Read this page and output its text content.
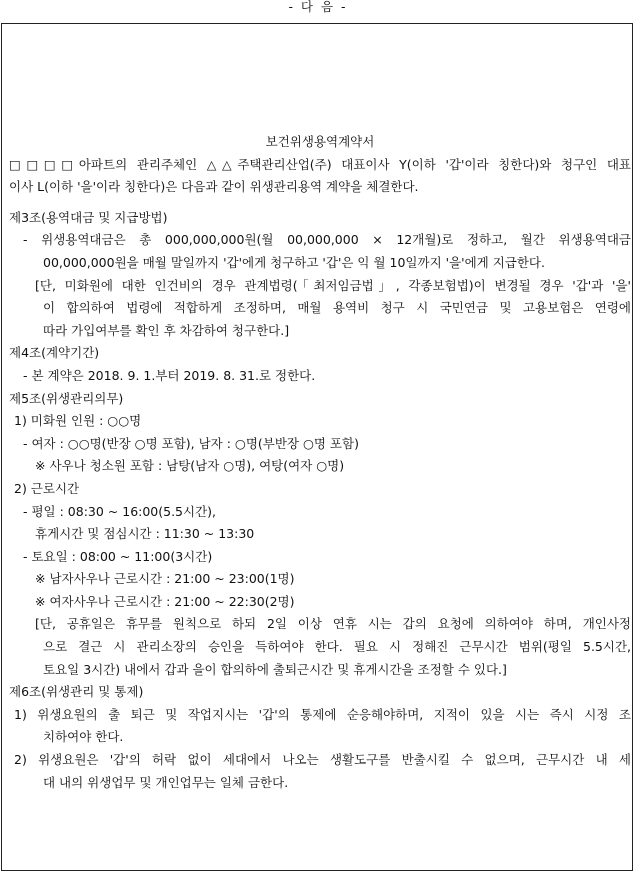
- 다 음 -
보건위생용역계약서
□□□□아파트의 관리주체인 △△주택관리산업(주) 대표이사 Y(이하 '갑'이라 칭한다)와 청구인 대표
이사 L(이하 '을'이라 칭한다)은 다음과 같이 위생관리용역 계약을 체결한다.
제3조(용역대금 및 지급방법)
- 위생용역대금은 총 000,000,000원(월 00,000,000 × 12개월)로 정하고, 월간 위생용역대금
00,000,000원을 매월 말일까지 '갑'에게 청구하고 '갑'은 익 월 10일까지 '을'에게 지급한다.
[단, 미화원에 대한 인건비의 경우 관계법령(「최저임금법」, 각종보험법)이 변경될 경우 '갑'과 '을'
이 합의하여 법령에 적합하게 조정하며, 매월 용역비 청구 시 국민연금 및 고용보험은 연령에
따라 가입여부를 확인 후 차감하여 청구한다.]
제4조(계약기간)
- 본 계약은 2018. 9. 1.부터 2019. 8. 31.로 정한다.
제5조(위생관리의무)
1) 미화원 인원 : ○○명
- 여자 : ○○명(반장 ○명 포함), 남자 : ○명(부반장 ○명 포함)
※ 사우나 청소원 포함 : 남탕(남자 ○명), 여탕(여자 ○명)
2) 근로시간
- 평일 : 08:30 ~ 16:00(5.5시간),
휴게시간 및 점심시간 : 11:30 ~ 13:30
- 토요일 : 08:00 ~ 11:00(3시간)
※ 남자사우나 근로시간 : 21:00 ~ 23:00(1명)
※ 여자사우나 근로시간 : 21:00 ~ 22:30(2명)
[단, 공휴일은 휴무를 원칙으로 하되 2일 이상 연휴 시는 갑의 요청에 의하여야 하며, 개인사정
으로 결근 시 관리소장의 승인을 득하여야 한다. 필요 시 정해진 근무시간 범위(평일 5.5시간,
토요일 3시간) 내에서 갑과 을이 합의하에 출퇴근시간 및 휴게시간을 조정할 수 있다.]
제6조(위생관리 및 통제)
1) 위생요원의 출 퇴근 및 작업지시는 '갑'의 통제에 순응해야하며, 지적이 있을 시는 즉시 시정 조
치하여야 한다.
2) 위생요원은 '갑'의 허락 없이 세대에서 나오는 생활도구를 반출시킬 수 없으며, 근무시간 내 세
대 내의 위생업무 및 개인업무는 일체 금한다.
